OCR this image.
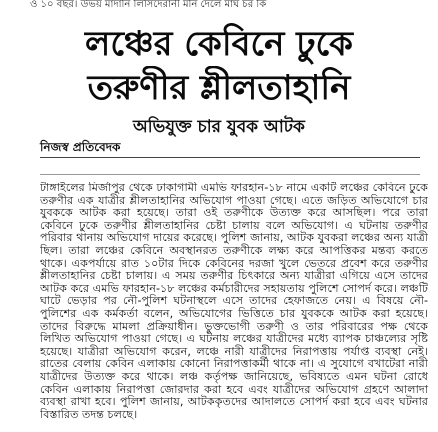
ও ১০ বছর। উভয় মাদানি লিসিদেরানী মনি দেলে মাঘ চর কি
লঞ্চের কেবিনে ঢুকে
তরুণীর শ্লীলতাহানি
অভিযুক্ত চার যুবক আটক
নিজস্ব প্রতিবেদক

টাঙ্গাইলের মির্জাপুর থেকে ঢাকাগামী এমভি ফারহান-১৮ নামে একটি লঞ্চের কেবিনে ঢুকে তরুণীর এক যাত্রীর শ্লীলতাহানির অভিযোগ পাওয়া গেছে। এতে জড়িত অভিযোগে চার যুবককে আটক করা হয়েছে। তারা ওই তরুণীকে উত্যক্ত করে আসছিল। পরে তারা কেবিনে ঢুকে তরুণীর শ্লীলতাহানির চেষ্টা চালায় বলে অভিযোগ। এ ঘটনায় তরুণীর পরিবার থানায় অভিযোগ দায়ের করেছে। পুলিশ জানায়, আটক যুবকরা লঞ্চের অন্য যাত্রী ছিল। তারা লঞ্চের কেবিনে অবস্থানরত তরুণীকে লক্ষ্য করে আপত্তিকর মন্তব্য করতে থাকে। একপর্যায়ে রাত ১০টার দিকে কেবিনের দরজা খুলে ভেতরে প্রবেশ করে তরুণীর শ্লীলতাহানির চেষ্টা চালায়। এ সময় তরুণীর চিৎকারে অন্য যাত্রীরা এগিয়ে এসে তাদের আটক করে এমভি ফারহান-১৮ লঞ্চের কর্মচারীদের সহায়তায় পুলিশে সোপর্দ করে। লঞ্চটি ঘাটে ভেড়ার পর নৌ-পুলিশ ঘটনাস্থলে এসে তাদের হেফাজতে নেয়। এ বিষয়ে নৌ-পুলিশের এক কর্মকর্তা বলেন, অভিযোগের ভিত্তিতে চার যুবককে আটক করা হয়েছে। তাদের বিরুদ্ধে মামলা প্রক্রিয়াধীন। ভুক্তভোগী তরুণী ও তার পরিবারের পক্ষ থেকে লিখিত অভিযোগ পাওয়া গেছে। এ ঘটনায় লঞ্চের যাত্রীদের মধ্যে ব্যাপক চাঞ্চল্যের সৃষ্টি হয়েছে। যাত্রীরা অভিযোগ করেন, লঞ্চে নারী যাত্রীদের নিরাপত্তায় পর্যাপ্ত ব্যবস্থা নেই। রাতের বেলায় কেবিন এলাকায় কোনো নিরাপত্তাকর্মী থাকে না। এ সুযোগে বখাটেরা নারী যাত্রীদের উত্যক্ত করে থাকে। লঞ্চ কর্তৃপক্ষ জানিয়েছে, ভবিষ্যতে এমন ঘটনা রোধে কেবিন এলাকায় নিরাপত্তা জোরদার করা হবে এবং যাত্রীদের অভিযোগ গ্রহণে আলাদা ব্যবস্থা রাখা হবে। পুলিশ জানায়, আটককৃতদের আদালতে সোপর্দ করা হবে এবং ঘটনার বিস্তারিত তদন্ত চলছে।
